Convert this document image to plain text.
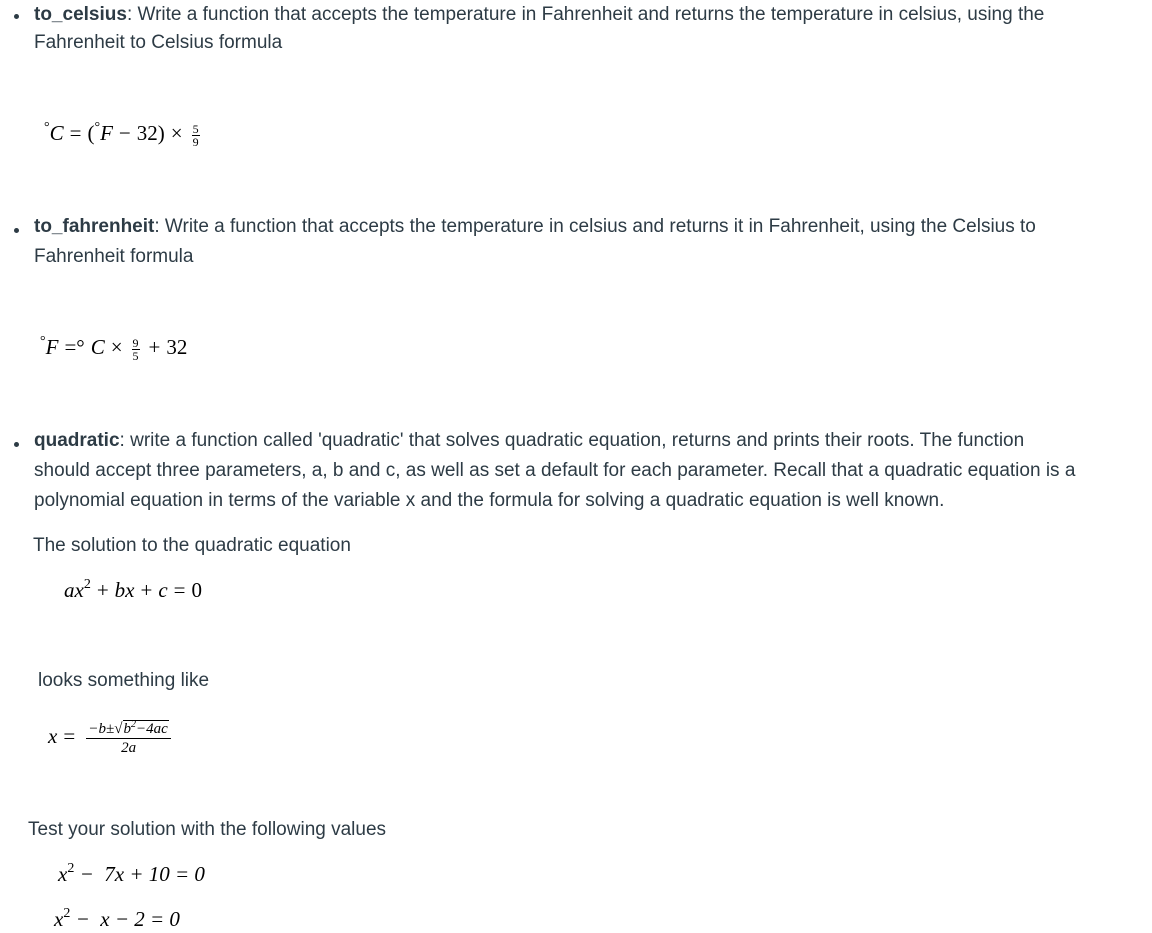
to_celsius: Write a function that accepts the temperature in Fahrenheit and returns the temperature in celsius, using the
Fahrenheit to Celsius formula
$^\circ C = (^\circ F - 32) \times \frac{5}{9}$
to_fahrenheit: Write a function that accepts the temperature in celsius and returns it in Fahrenheit, using the Celsius to
Fahrenheit formula
°F =° $C \times \frac{9}{5} + 32$
quadratic: write a function called 'quadratic' that solves quadratic equation, returns and prints their roots. The function
should accept three parameters, a, b and c, as well as set a default for each parameter. Recall that a quadratic equation is a
polynomial equation in terms of the variable x and the formula for solving a quadratic equation is well known.
The solution to the quadratic equation
$ax^2$ + bx + c = 0
looks something like
$x = \frac{-b\pm√b^2-4ac}{2a}$
Test your solution with the following values
$x^2 - 7x + 10 = 0$
$x^2 - x - 2 = 0$
